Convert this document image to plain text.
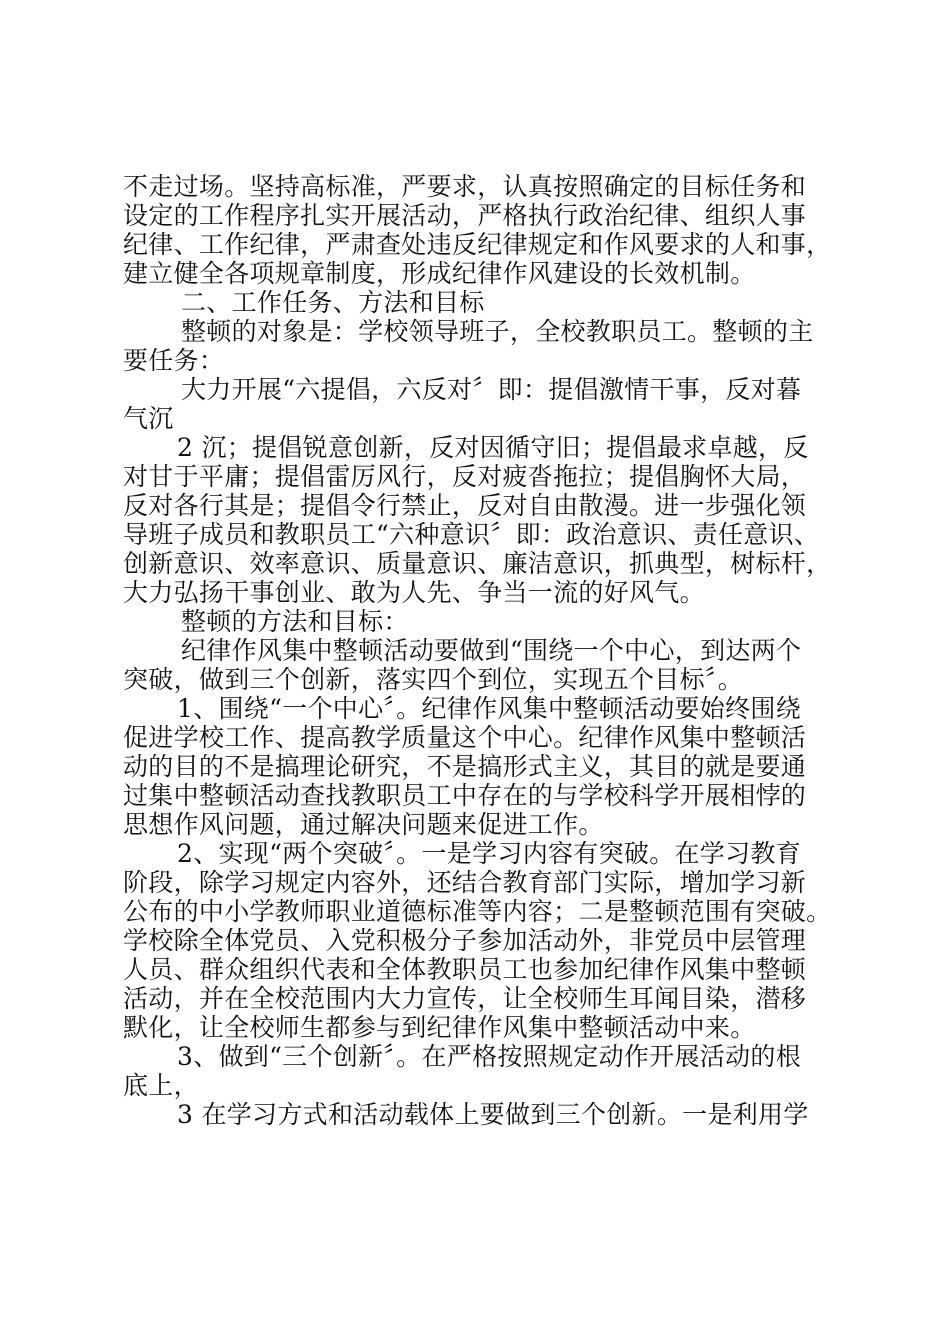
不走过场。坚持高标准，严要求，认真按照确定的目标任务和
设定的工作程序扎实开展活动，严格执行政治纪律、组织人事
纪律、工作纪律，严肃查处违反纪律规定和作风要求的人和事，
建立健全各项规章制度，形成纪律作风建设的长效机制。
二、工作任务、方法和目标
整顿的对象是：学校领导班子，全校教职员工。整顿的主
要任务：
大力开展“六提倡，六反对〞即：提倡激情干事，反对暮
气沉
2 沉；提倡锐意创新，反对因循守旧；提倡最求卓越，反
对甘于平庸；提倡雷厉风行，反对疲沓拖拉；提倡胸怀大局，
反对各行其是；提倡令行禁止，反对自由散漫。进一步强化领
导班子成员和教职员工“六种意识〞即：政治意识、责任意识、
创新意识、效率意识、质量意识、廉洁意识，抓典型，树标杆，
大力弘扬干事创业、敢为人先、争当一流的好风气。
整顿的方法和目标：
纪律作风集中整顿活动要做到“围绕一个中心，到达两个
突破，做到三个创新，落实四个到位，实现五个目标〞。
1、围绕“一个中心〞。纪律作风集中整顿活动要始终围绕
促进学校工作、提高教学质量这个中心。纪律作风集中整顿活
动的目的不是搞理论研究，不是搞形式主义，其目的就是要通
过集中整顿活动查找教职员工中存在的与学校科学开展相悖的
思想作风问题，通过解决问题来促进工作。
2、实现“两个突破〞。一是学习内容有突破。在学习教育
阶段，除学习规定内容外，还结合教育部门实际，增加学习新
公布的中小学教师职业道德标准等内容；二是整顿范围有突破。
学校除全体党员、入党积极分子参加活动外，非党员中层管理
人员、群众组织代表和全体教职员工也参加纪律作风集中整顿
活动，并在全校范围内大力宣传，让全校师生耳闻目染，潜移
默化，让全校师生都参与到纪律作风集中整顿活动中来。
3、做到“三个创新〞。在严格按照规定动作开展活动的根
底上，
3 在学习方式和活动载体上要做到三个创新。一是利用学
